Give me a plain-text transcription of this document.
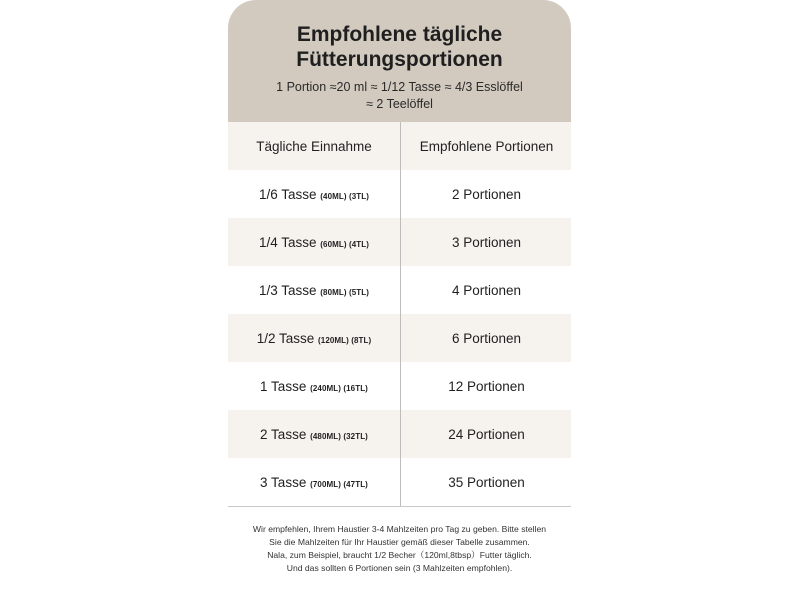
Empfohlene tägliche
Fütterungsportionen
1 Portion ≈20 ml ≈ 1/12 Tasse ≈ 4/3 Esslöffel
≈ 2 Teelöffel
Tägliche Einnahme	Empfohlene Portionen
1/6 Tasse (40ML) (3TL)	2 Portionen
1/4 Tasse (60ML) (4TL)	3 Portionen
1/3 Tasse (80ML) (5TL)	4 Portionen
1/2 Tasse (120ML) (8TL)	6 Portionen
1 Tasse (240ML) (16TL)	12 Portionen
2 Tasse (480ML) (32TL)	24 Portionen
3 Tasse (700ML) (47TL)	35 Portionen
Wir empfehlen, Ihrem Haustier 3-4 Mahlzeiten pro Tag zu geben. Bitte stellen
Sie die Mahlzeiten für Ihr Haustier gemäß dieser Tabelle zusammen.
Nala, zum Beispiel, braucht 1/2 Becher（120ml,8tbsp）Futter täglich.
Und das sollten 6 Portionen sein (3 Mahlzeiten empfohlen).
